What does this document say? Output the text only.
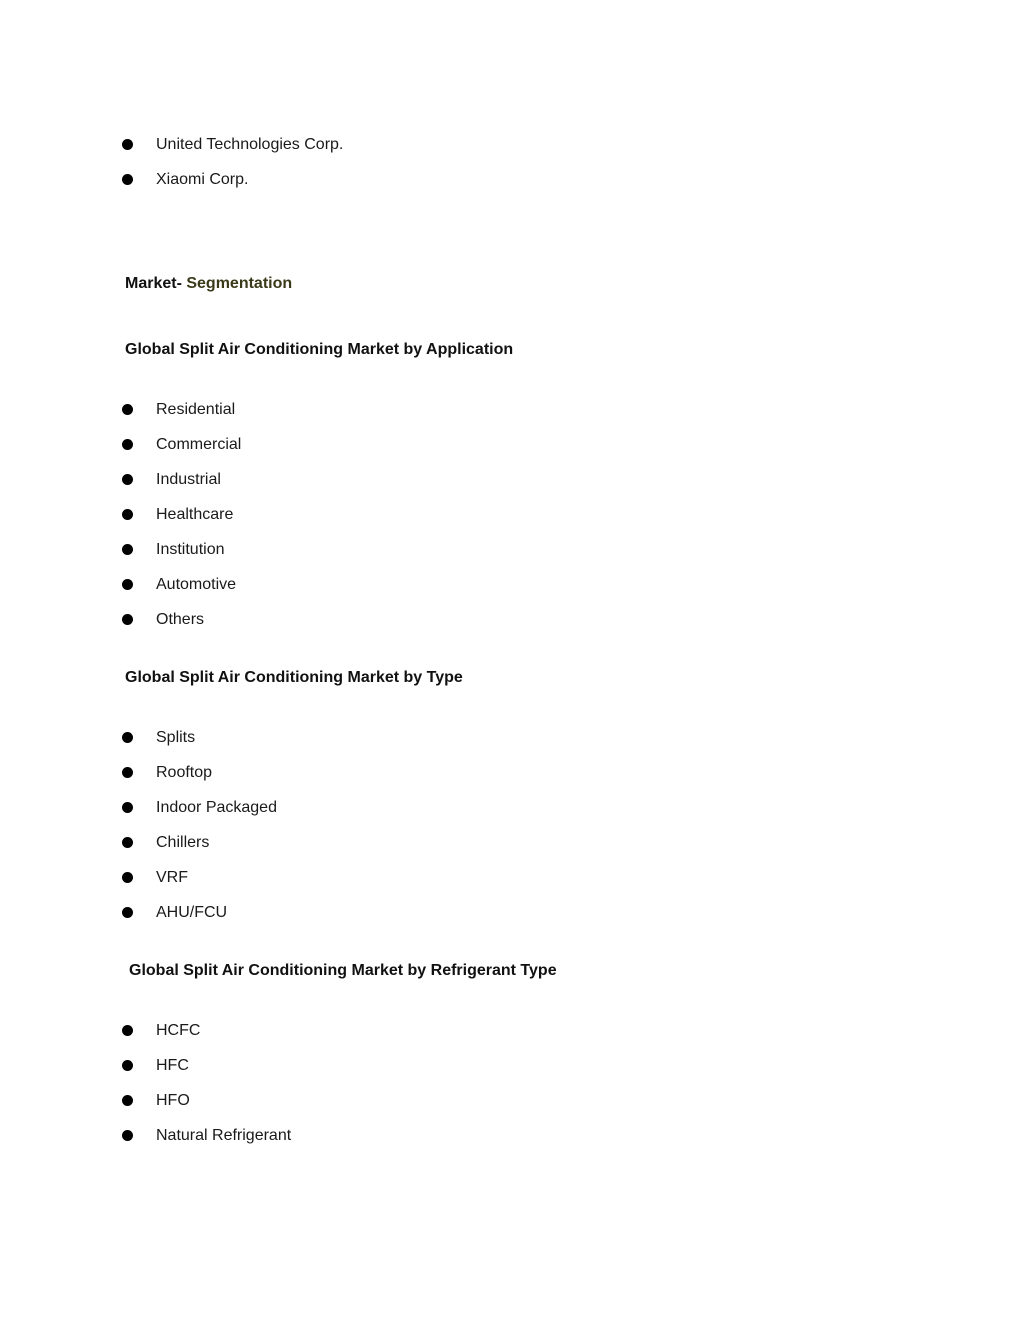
United Technologies Corp.
Xiaomi Corp.
Market- Segmentation
Global Split Air Conditioning Market by Application
Residential
Commercial
Industrial
Healthcare
Institution
Automotive
Others
Global Split Air Conditioning Market by Type
Splits
Rooftop
Indoor Packaged
Chillers
VRF
AHU/FCU
Global Split Air Conditioning Market by Refrigerant Type
HCFC
HFC
HFO
Natural Refrigerant
